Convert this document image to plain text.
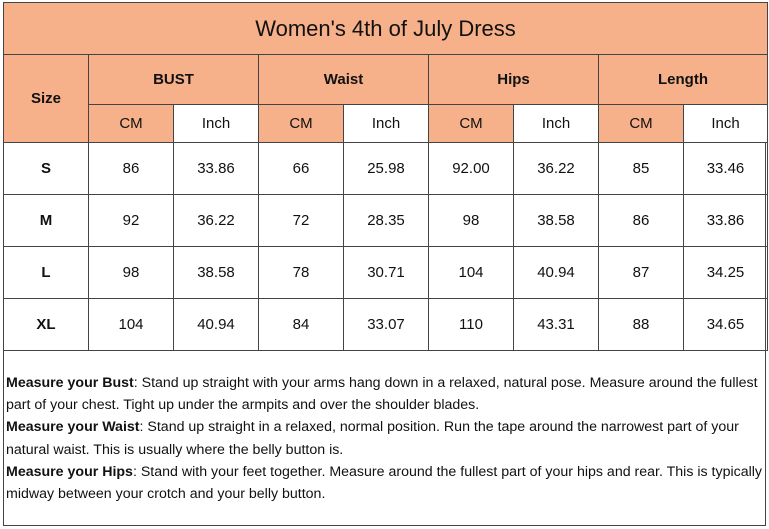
Women's 4th of July Dress								
Size	BUST		Waist		Hips		Length	
	CM	Inch	CM	Inch	CM	Inch	CM	Inch
S	86	33.86	66	25.98	92.00	36.22	85	33.46
M	92	36.22	72	28.35	98	38.58	86	33.86
L	98	38.58	78	30.71	104	40.94	87	34.25
XL	104	40.94	84	33.07	110	43.31	88	34.65

Measure your Bust: Stand up straight with your arms hang down in a relaxed, natural pose. Measure around the fullest part of your chest. Tight up under the armpits and over the shoulder blades.

Measure your Waist: Stand up straight in a relaxed, normal position. Run the tape around the narrowest part of your natural waist. This is usually where the belly button is.

Measure your Hips: Stand with your feet together. Measure around the fullest part of your hips and rear. This is typically midway between your crotch and your belly button.
